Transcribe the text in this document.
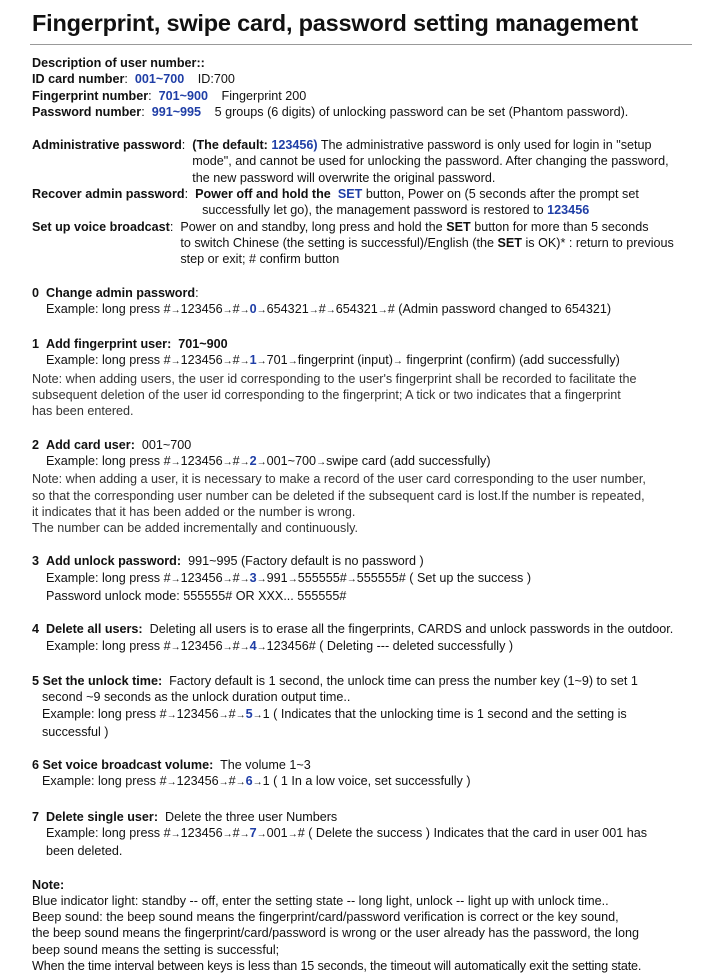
Fingerprint, swipe card, password setting management
Description of user number::
ID card number:  001~700 ID:700
Fingerprint number:  701~900 Fingerprint 200
Password number:  991~995 5 groups (6 digits) of unlocking password can be set (Phantom password).
Administrative password: (The default: 123456) The administrative password is only used for login in "setup
mode", and cannot be used for unlocking the password. After changing the password,
the new password will overwrite the original password.
Recover admin password: Power off and hold the SET button, Power on (5 seconds after the prompt set
successfully let go), the management password is restored to 123456
Set up voice broadcast: Power on and standby, long press and hold the SET button for more than 5 seconds
to switch Chinese (the setting is successful)/English (the SET is OK)* : return to previous
step or exit; # confirm button
0 Change admin password:
Example: long press #→123456→#→0→654321→#→654321→# (Admin password changed to 654321)
1 Add fingerprint user:  701~900
Example: long press #→123456→#→1→701→fingerprint (input)→ fingerprint (confirm) (add successfully)
Note: when adding users, the user id corresponding to the user's fingerprint shall be recorded to facilitate the
subsequent deletion of the user id corresponding to the fingerprint; A tick or two indicates that a fingerprint
has been entered.
2 Add card user: 001~700
Example: long press #→123456→#→2→001~700→swipe card (add successfully)
Note: when adding a user, it is necessary to make a record of the user card corresponding to the user number,
so that the corresponding user number can be deleted if the subsequent card is lost.If the number is repeated,
it indicates that it has been added or the number is wrong.
The number can be added incrementally and continuously.
3 Add unlock password: 991~995 (Factory default is no password )
Example: long press #→123456→#→3→991→555555#→555555# ( Set up the success )
Password unlock mode: 555555# OR XXX... 555555#
4 Delete all users: Deleting all users is to erase all the fingerprints, CARDS and unlock passwords in the outdoor.
Example: long press #→123456→#→4→123456# ( Deleting --- deleted successfully )
5 Set the unlock time: Factory default is 1 second, the unlock time can press the number key (1~9) to set 1
second ~9 seconds as the unlock duration output time..
Example: long press #→123456→#→5→1 ( Indicates that the unlocking time is 1 second and the setting is
successful )
6 Set voice broadcast volume: The volume 1~3
Example: long press #→123456→#→6→1 ( 1 In a low voice, set successfully )
7 Delete single user: Delete the three user Numbers
Example: long press #→123456→#→7→001→# ( Delete the success ) Indicates that the card in user 001 has
been deleted.
Note:
Blue indicator light: standby -- off, enter the setting state -- long light, unlock -- light up with unlock time..
Beep sound: the beep sound means the fingerprint/card/password verification is correct or the key sound,
the beep sound means the fingerprint/card/password is wrong or the user already has the password, the long
beep sound means the setting is successful;
When the time interval between keys is less than 15 seconds, the timeout will automatically exit the setting state.
